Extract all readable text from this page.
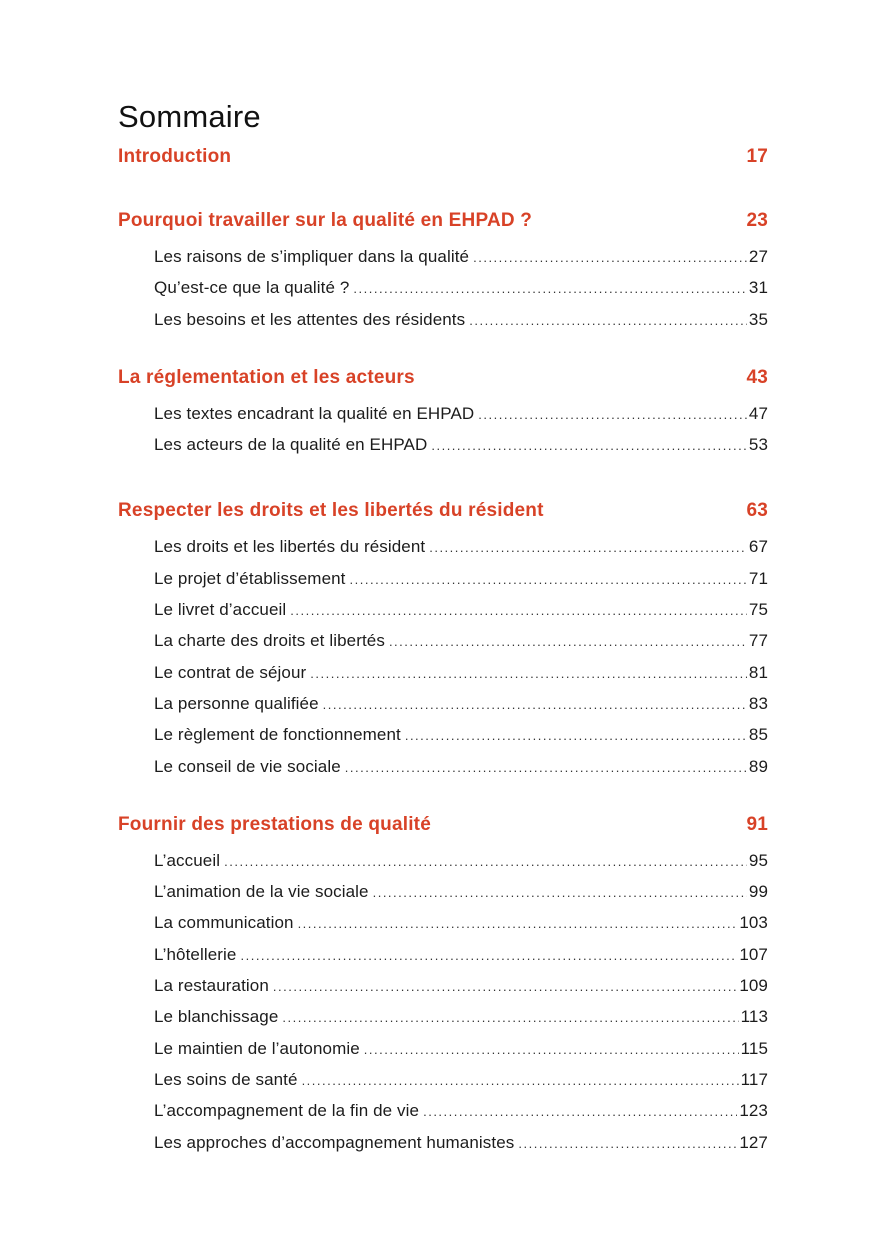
Sommaire
Introduction	17
Pourquoi travailler sur la qualité en EHPAD ?	23
Les raisons de s’impliquer dans la qualité .....	27
Qu’est-ce que la qualité ? .....	31
Les besoins et les attentes des résidents .....	35
La réglementation et les acteurs	43
Les textes encadrant la qualité en EHPAD .....	47
Les acteurs de la qualité en EHPAD .....	53
Respecter les droits et les libertés du résident	63
Les droits et les libertés du résident .....	67
Le projet d’établissement .....	71
Le livret d’accueil .....	75
La charte des droits et libertés .....	77
Le contrat de séjour .....	81
La personne qualifiée .....	83
Le règlement de fonctionnement .....	85
Le conseil de vie sociale .....	89
Fournir des prestations de qualité	91
L’accueil .....	95
L’animation de la vie sociale .....	99
La communication .....	103
L’hôtellerie .....	107
La restauration .....	109
Le blanchissage .....	113
Le maintien de l’autonomie .....	115
Les soins de santé .....	117
L’accompagnement de la fin de vie .....	123
Les approches d’accompagnement humanistes .....	127
